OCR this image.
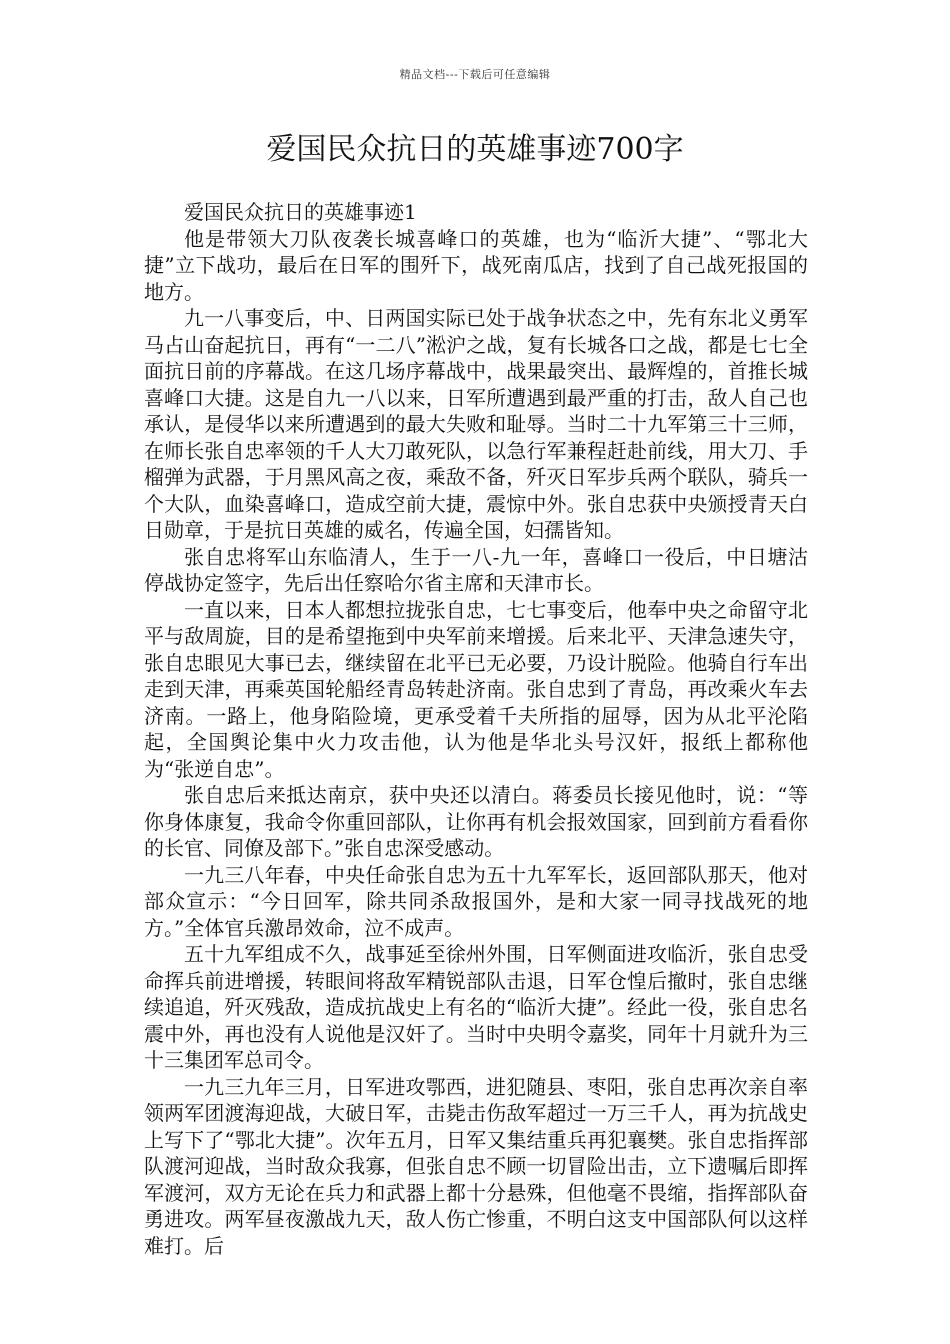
精品文档---下载后可任意编辑
爱国民众抗日的英雄事迹700字

爱国民众抗日的英雄事迹1

他是带领大刀队夜袭长城喜峰口的英雄，也为“临沂大捷”、“鄂北大捷”立下战功，最后在日军的围歼下，战死南瓜店，找到了自己战死报国的地方。

九一八事变后，中、日两国实际已处于战争状态之中，先有东北义勇军马占山奋起抗日，再有“一二八”淞沪之战，复有长城各口之战，都是七七全面抗日前的序幕战。在这几场序幕战中，战果最突出、最辉煌的，首推长城喜峰口大捷。这是自九一八以来，日军所遭遇到最严重的打击，敌人自己也承认，是侵华以来所遭遇到的最大失败和耻辱。当时二十九军第三十三师，在师长张自忠率领的千人大刀敢死队，以急行军兼程赶赴前线，用大刀、手榴弹为武器，于月黑风高之夜，乘敌不备，歼灭日军步兵两个联队，骑兵一个大队，血染喜峰口，造成空前大捷，震惊中外。张自忠获中央颁授青天白日勋章，于是抗日英雄的威名，传遍全国，妇孺皆知。

张自忠将军山东临清人，生于一八-九一年，喜峰口一役后，中日塘沽停战协定签字，先后出任察哈尔省主席和天津市长。

一直以来，日本人都想拉拢张自忠，七七事变后，他奉中央之命留守北平与敌周旋，目的是希望拖到中央军前来增援。后来北平、天津急速失守，张自忠眼见大事已去，继续留在北平已无必要，乃设计脱险。他骑自行车出走到天津，再乘英国轮船经青岛转赴济南。张自忠到了青岛，再改乘火车去济南。一路上，他身陷险境，更承受着千夫所指的屈辱，因为从北平沦陷起，全国舆论集中火力攻击他，认为他是华北头号汉奸，报纸上都称他为“张逆自忠”。

张自忠后来抵达南京，获中央还以清白。蒋委员长接见他时，说：“等你身体康复，我命令你重回部队，让你再有机会报效国家，回到前方看看你的长官、同僚及部下。”张自忠深受感动。

一九三八年春，中央任命张自忠为五十九军军长，返回部队那天，他对部众宣示：“今日回军，除共同杀敌报国外，是和大家一同寻找战死的地方。”全体官兵激昂效命，泣不成声。

五十九军组成不久，战事延至徐州外围，日军侧面进攻临沂，张自忠受命挥兵前进增援，转眼间将敌军精锐部队击退，日军仓惶后撤时，张自忠继续追追，歼灭残敌，造成抗战史上有名的“临沂大捷”。经此一役，张自忠名震中外，再也没有人说他是汉奸了。当时中央明令嘉奖，同年十月就升为三十三集团军总司令。

一九三九年三月，日军进攻鄂西，进犯随县、枣阳，张自忠再次亲自率领两军团渡海迎战，大破日军，击毙击伤敌军超过一万三千人，再为抗战史上写下了“鄂北大捷”。次年五月，日军又集结重兵再犯襄樊。张自忠指挥部队渡河迎战，当时敌众我寡，但张自忠不顾一切冒险出击，立下遗嘱后即挥军渡河，双方无论在兵力和武器上都十分悬殊，但他毫不畏缩，指挥部队奋勇进攻。两军昼夜激战九天，敌人伤亡惨重，不明白这支中国部队何以这样难打。后
